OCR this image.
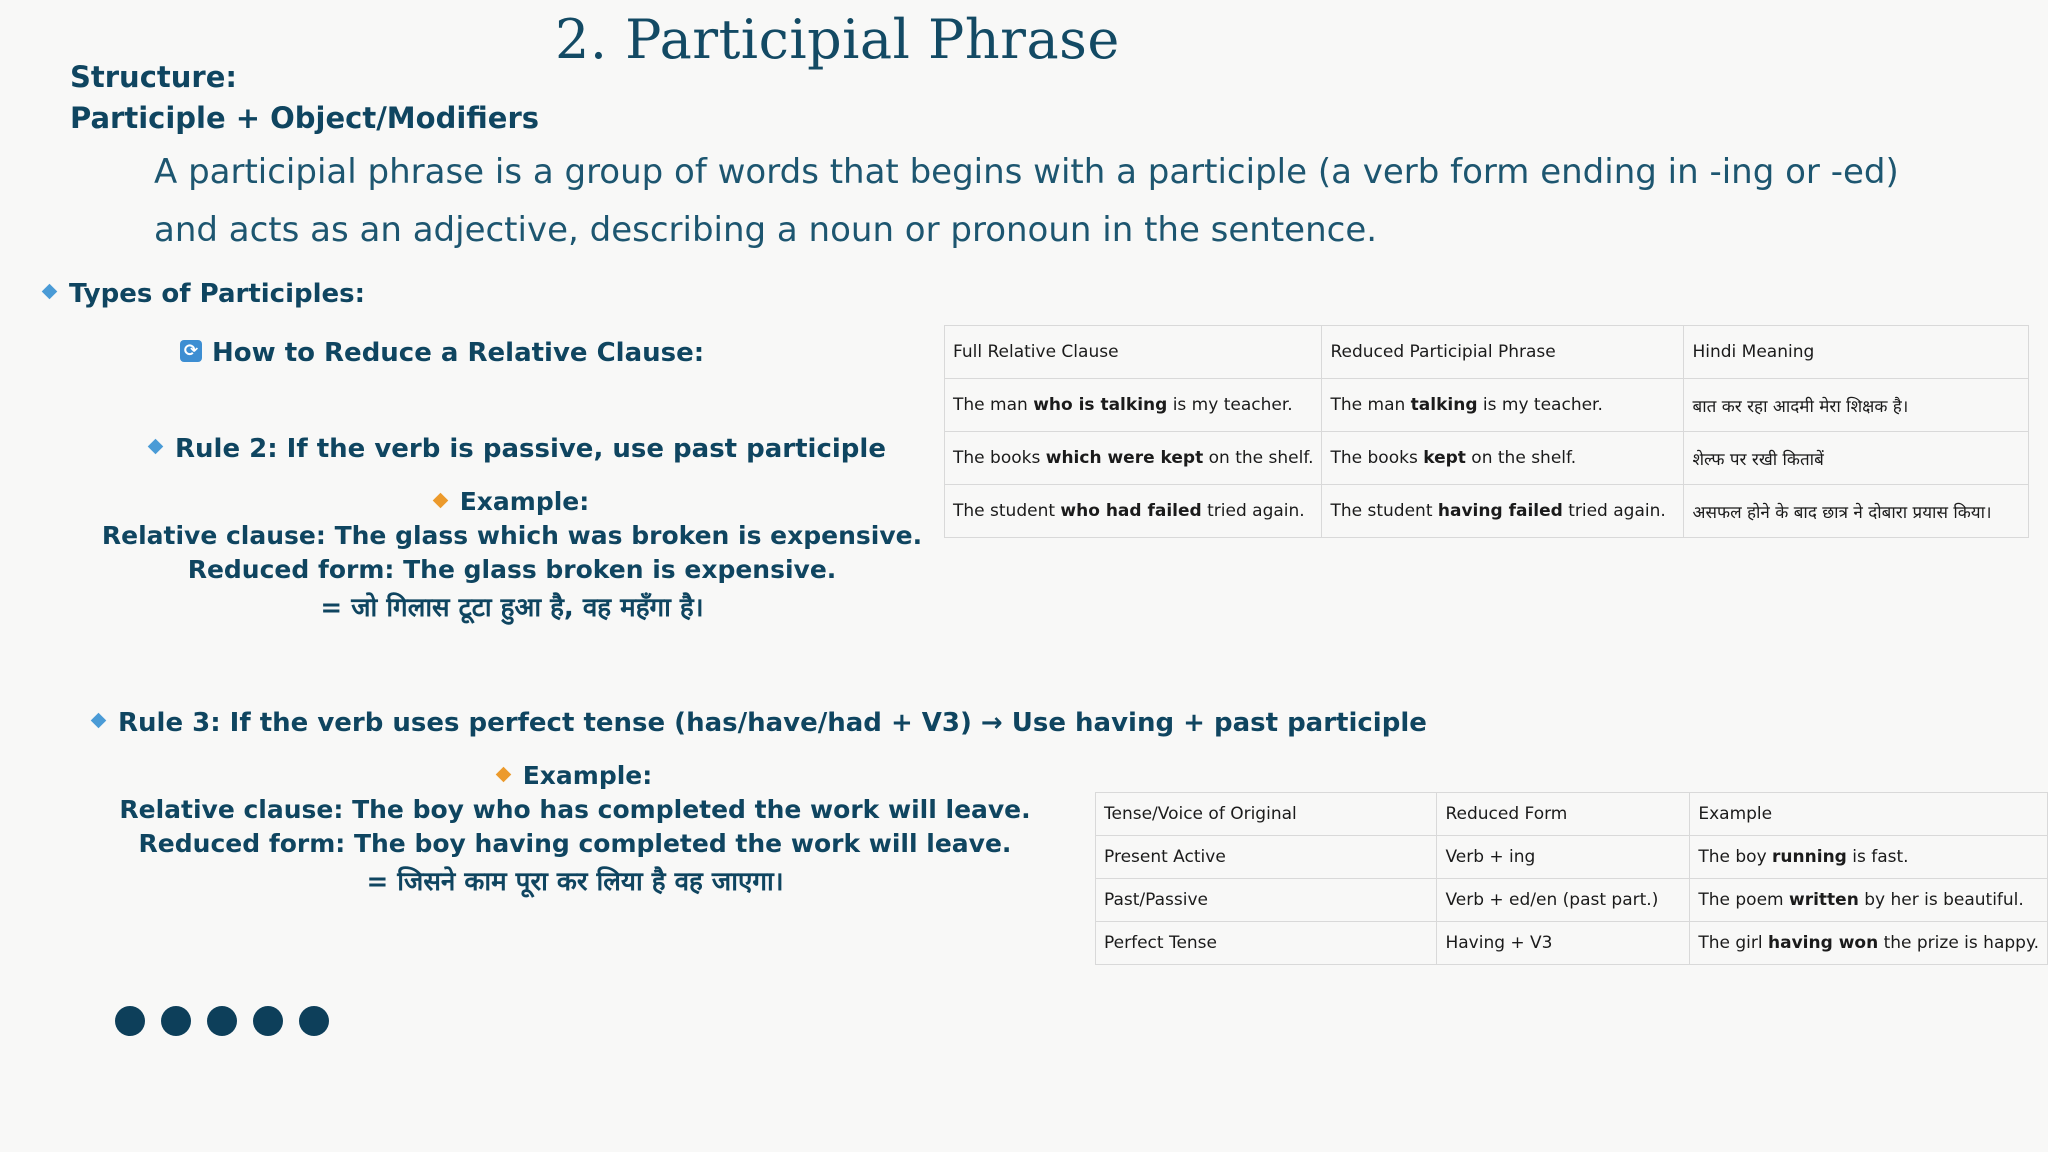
2. Participial Phrase
Structure:
Participle + Object/Modifiers
A participial phrase is a group of words that begins with a participle (a verb form ending in -ing or -ed)
and acts as an adjective, describing a noun or pronoun in the sentence.
Types of Participles:
⟳ How to Reduce a Relative Clause:
Rule 2: If the verb is passive, use past participle
Example:
Relative clause: The glass which was broken is expensive.
Reduced form: The glass broken is expensive.
= जो गिलास टूटा हुआ है, वह महँगा है।
Rule 3: If the verb uses perfect tense (has/have/had + V3) → Use having + past participle
Example:
Relative clause: The boy who has completed the work will leave.
Reduced form: The boy having completed the work will leave.
= जिसने काम पूरा कर लिया है वह जाएगा।
Full Relative Clause	Reduced Participial Phrase	Hindi Meaning
The man who is talking is my teacher.	The man talking is my teacher.	बात कर रहा आदमी मेरा शिक्षक है।
The books which were kept on the shelf.	The books kept on the shelf.	शेल्फ पर रखी किताबें
The student who had failed tried again.	The student having failed tried again.	असफल होने के बाद छात्र ने दोबारा प्रयास किया।
Tense/Voice of Original	Reduced Form	Example
Present Active	Verb + ing	The boy running is fast.
Past/Passive	Verb + ed/en (past part.)	The poem written by her is beautiful.
Perfect Tense	Having + V3	The girl having won the prize is happy.
